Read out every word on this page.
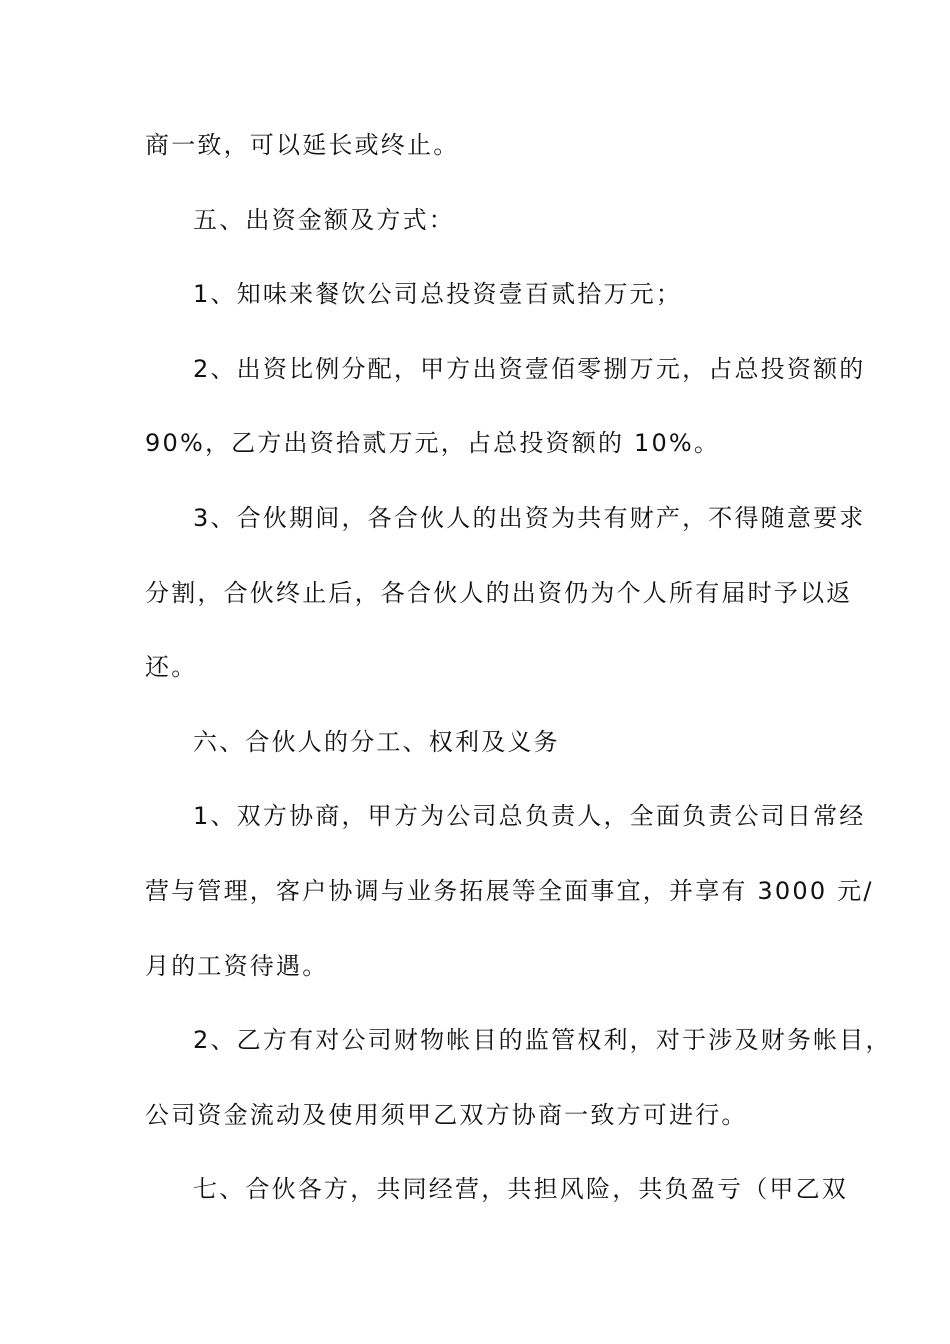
商一致，可以延长或终止。
五、出资金额及方式：
1、知味来餐饮公司总投资壹百贰拾万元；
2、出资比例分配，甲方出资壹佰零捌万元，占总投资额的
90%，乙方出资拾贰万元，占总投资额的 10%。
3、合伙期间，各合伙人的出资为共有财产，不得随意要求
分割，合伙终止后，各合伙人的出资仍为个人所有届时予以返
还。
六、合伙人的分工、权利及义务
1、双方协商，甲方为公司总负责人，全面负责公司日常经
营与管理，客户协调与业务拓展等全面事宜，并享有 3000 元/
月的工资待遇。
2、乙方有对公司财物帐目的监管权利，对于涉及财务帐目，
公司资金流动及使用须甲乙双方协商一致方可进行。
七、合伙各方，共同经营，共担风险，共负盈亏（甲乙双
